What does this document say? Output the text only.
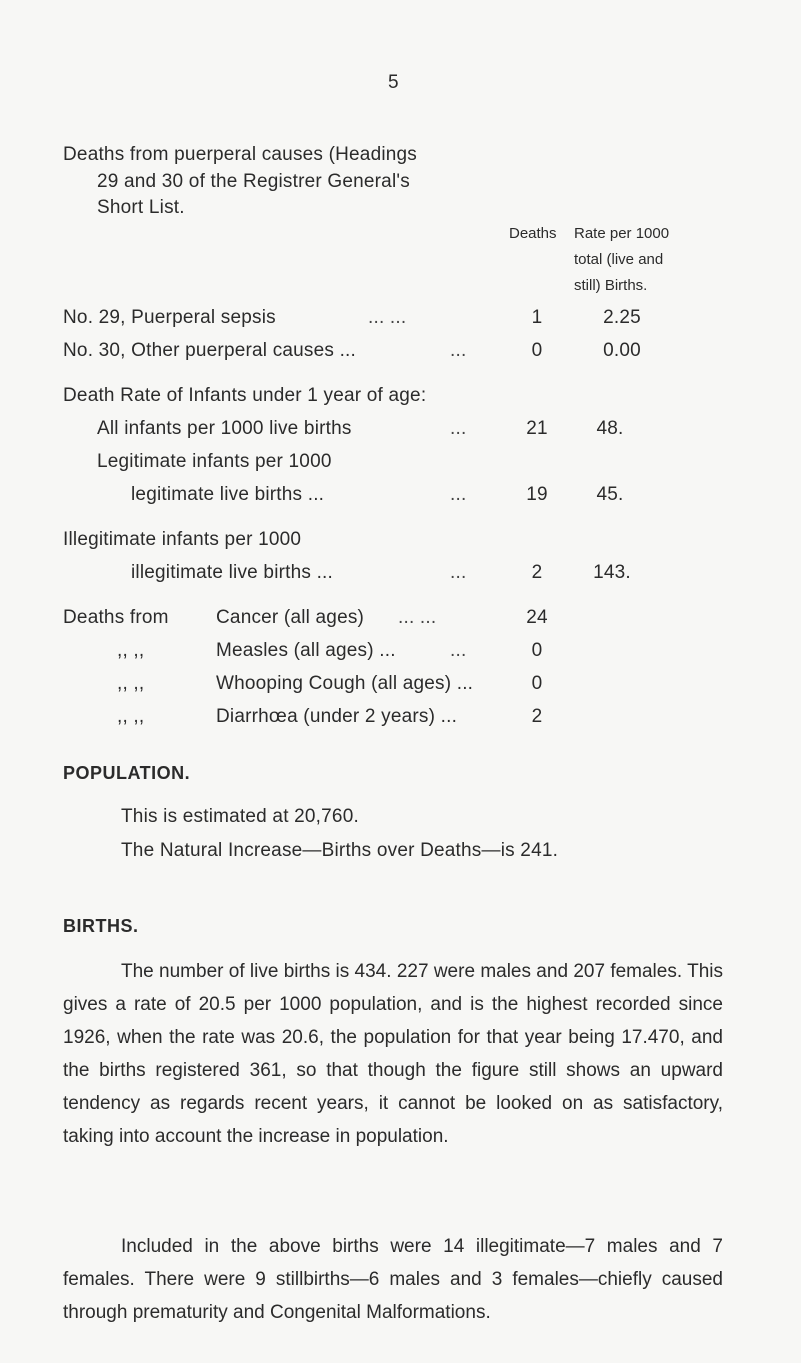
5
Deaths from puerperal causes (Headings
29 and 30 of the Registrer General's
Short List.
Deaths Rate per 1000
total (live and
still) Births.
No. 29, Puerperal sepsis	... ...	1	2.25
No. 30, Other puerperal causes ...	...	0	0.00
Death Rate of Infants under 1 year of age:
All infants per 1000 live births	...	21	48.
Legitimate infants per 1000
legitimate live births ...	...	19	45.
Illegitimate infants per 1000
illegitimate live births ...	...	2	143.
Deaths from Cancer (all ages) ... ...	24
,, ,,	Measles (all ages) ...	...	0
,, ,,	Whooping Cough (all ages) ...	0
,, ,,	Diarrhœa (under 2 years) ...	2
POPULATION.
This is estimated at 20,760.
The Natural Increase—Births over Deaths—is 241.
BIRTHS.
The number of live births is 434. 227 were males and 207 females. This gives a rate of 20.5 per 1000 population, and is the highest recorded since 1926, when the rate was 20.6, the population for that year being 17.470, and the births registered 361, so that though the figure still shows an upward tendency as regards recent years, it cannot be looked on as satisfactory, taking into account the increase in population.
Included in the above births were 14 illegitimate—7 males and 7 females. There were 9 stillbirths—6 males and 3 females—chiefly caused through prematurity and Congenital Malformations.
